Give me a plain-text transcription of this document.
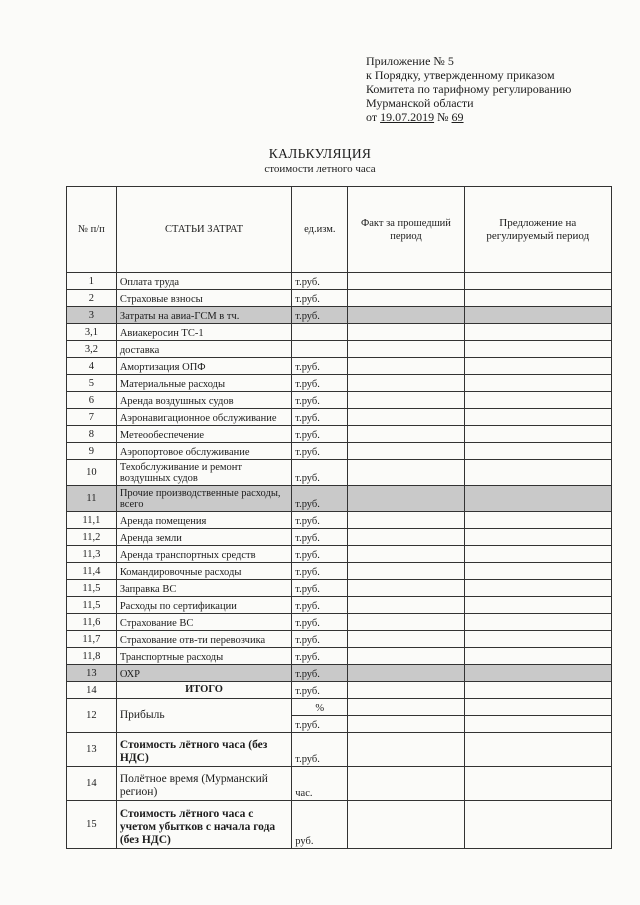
Приложение № 5
к Порядку, утвержденному приказом
Комитета по тарифному регулированию
Мурманской области
от 19.07.2019 № 69
КАЛЬКУЛЯЦИЯ
стоимости летного часа
№ п/п	СТАТЬИ ЗАТРАТ	ед.изм.	Факт за прошедший период	Предложение на регулируемый период
1	Оплата труда	т.руб.		
2	Страховые взносы	т.руб.		
3	Затраты на авиа-ГСМ в тч.	т.руб.		
3,1	Авиакеросин ТС-1			
3,2	доставка			
4	Амортизация ОПФ	т.руб.		
5	Материальные расходы	т.руб.		
6	Аренда воздушных судов	т.руб.		
7	Аэронавигационное обслуживание	т.руб.		
8	Метеообеспечение	т.руб.		
9	Аэропортовое обслуживание	т.руб.		
10	Техобслуживание и ремонт воздушных судов	т.руб.		
11	Прочие производственные расходы, всего	т.руб.		
11,1	Аренда помещения	т.руб.		
11,2	Аренда земли	т.руб.		
11,3	Аренда транспортных средств	т.руб.		
11,4	Командировочные расходы	т.руб.		
11,5	Заправка ВС	т.руб.		
11,5	Расходы по сертификации	т.руб.		
11,6	Страхование ВС	т.руб.		
11,7	Страхование отв-ти перевозчика	т.руб.		
11,8	Транспортные расходы	т.руб.		
13	ОХР	т.руб.		
14	ИТОГО	т.руб.		
12	Прибыль	%		
		т.руб.		
13	Стоимость лётного часа (без НДС)	т.руб.		
14	Полётное время (Мурманский регион)	час.		
15	Стоимость лётного часа с учетом убытков с начала года (без НДС)	руб.		
